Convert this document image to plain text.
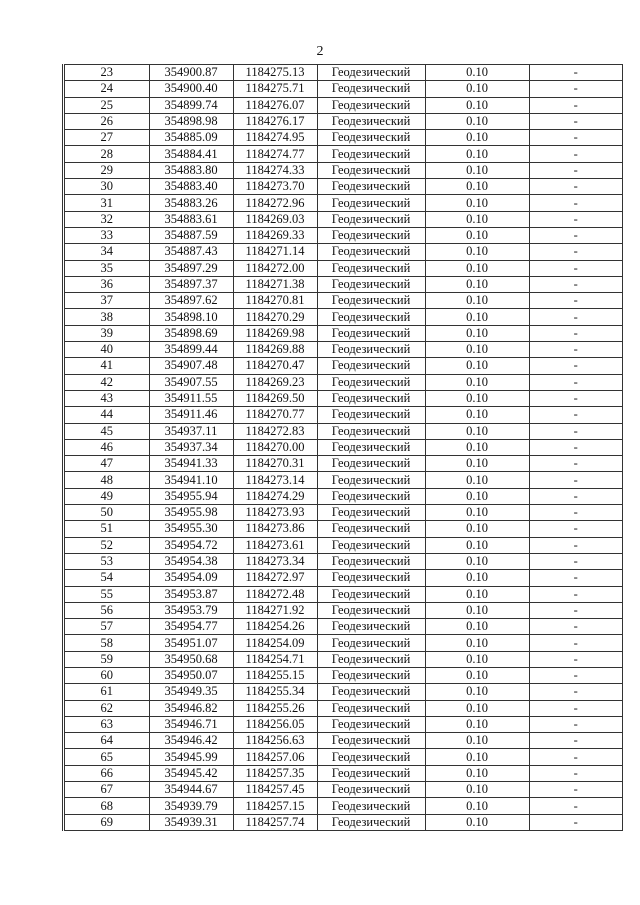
2
23	354900.87	1184275.13	Геодезический	0.10	-
24	354900.40	1184275.71	Геодезический	0.10	-
25	354899.74	1184276.07	Геодезический	0.10	-
26	354898.98	1184276.17	Геодезический	0.10	-
27	354885.09	1184274.95	Геодезический	0.10	-
28	354884.41	1184274.77	Геодезический	0.10	-
29	354883.80	1184274.33	Геодезический	0.10	-
30	354883.40	1184273.70	Геодезический	0.10	-
31	354883.26	1184272.96	Геодезический	0.10	-
32	354883.61	1184269.03	Геодезический	0.10	-
33	354887.59	1184269.33	Геодезический	0.10	-
34	354887.43	1184271.14	Геодезический	0.10	-
35	354897.29	1184272.00	Геодезический	0.10	-
36	354897.37	1184271.38	Геодезический	0.10	-
37	354897.62	1184270.81	Геодезический	0.10	-
38	354898.10	1184270.29	Геодезический	0.10	-
39	354898.69	1184269.98	Геодезический	0.10	-
40	354899.44	1184269.88	Геодезический	0.10	-
41	354907.48	1184270.47	Геодезический	0.10	-
42	354907.55	1184269.23	Геодезический	0.10	-
43	354911.55	1184269.50	Геодезический	0.10	-
44	354911.46	1184270.77	Геодезический	0.10	-
45	354937.11	1184272.83	Геодезический	0.10	-
46	354937.34	1184270.00	Геодезический	0.10	-
47	354941.33	1184270.31	Геодезический	0.10	-
48	354941.10	1184273.14	Геодезический	0.10	-
49	354955.94	1184274.29	Геодезический	0.10	-
50	354955.98	1184273.93	Геодезический	0.10	-
51	354955.30	1184273.86	Геодезический	0.10	-
52	354954.72	1184273.61	Геодезический	0.10	-
53	354954.38	1184273.34	Геодезический	0.10	-
54	354954.09	1184272.97	Геодезический	0.10	-
55	354953.87	1184272.48	Геодезический	0.10	-
56	354953.79	1184271.92	Геодезический	0.10	-
57	354954.77	1184254.26	Геодезический	0.10	-
58	354951.07	1184254.09	Геодезический	0.10	-
59	354950.68	1184254.71	Геодезический	0.10	-
60	354950.07	1184255.15	Геодезический	0.10	-
61	354949.35	1184255.34	Геодезический	0.10	-
62	354946.82	1184255.26	Геодезический	0.10	-
63	354946.71	1184256.05	Геодезический	0.10	-
64	354946.42	1184256.63	Геодезический	0.10	-
65	354945.99	1184257.06	Геодезический	0.10	-
66	354945.42	1184257.35	Геодезический	0.10	-
67	354944.67	1184257.45	Геодезический	0.10	-
68	354939.79	1184257.15	Геодезический	0.10	-
69	354939.31	1184257.74	Геодезический	0.10	-
